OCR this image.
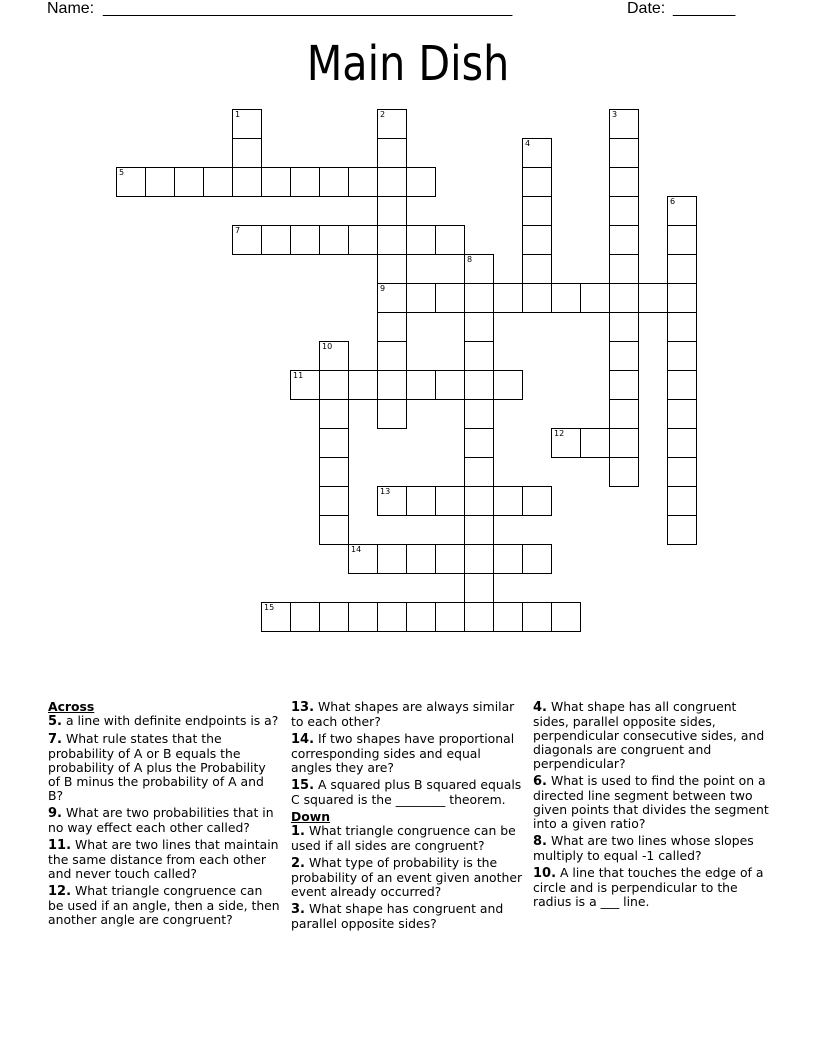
Name: ______________________________________________	Date: _______
Main Dish
1	2
9
3
4
5
6
7
8
10
11
12
13
14
15
Across
5. a line with definite endpoints is a?
7. What rule states that the probability of A or B equals the probability of A plus the Probability of B minus the probability of A and B?
9. What are two probabilities that in no way effect each other called?
11. What are two lines that maintain the same distance from each other and never touch called?
12. What triangle congruence can be used if an angle, then a side, then another angle are congruent?
13. What shapes are always similar to each other?
14. If two shapes have proportional corresponding sides and equal angles they are?
15. A squared plus B squared equals C squared is the ________ theorem.
Down
1. What triangle congruence can be used if all sides are congruent?
2. What type of probability is the probability of an event given another event already occurred?
3. What shape has congruent and parallel opposite sides?
4. What shape has all congruent sides, parallel opposite sides, perpendicular consecutive sides, and diagonals are congruent and perpendicular?
6. What is used to find the point on a directed line segment between two given points that divides the segment into a given ratio?
8. What are two lines whose slopes multiply to equal -1 called?
10. A line that touches the edge of a circle and is perpendicular to the radius is a ___ line.
